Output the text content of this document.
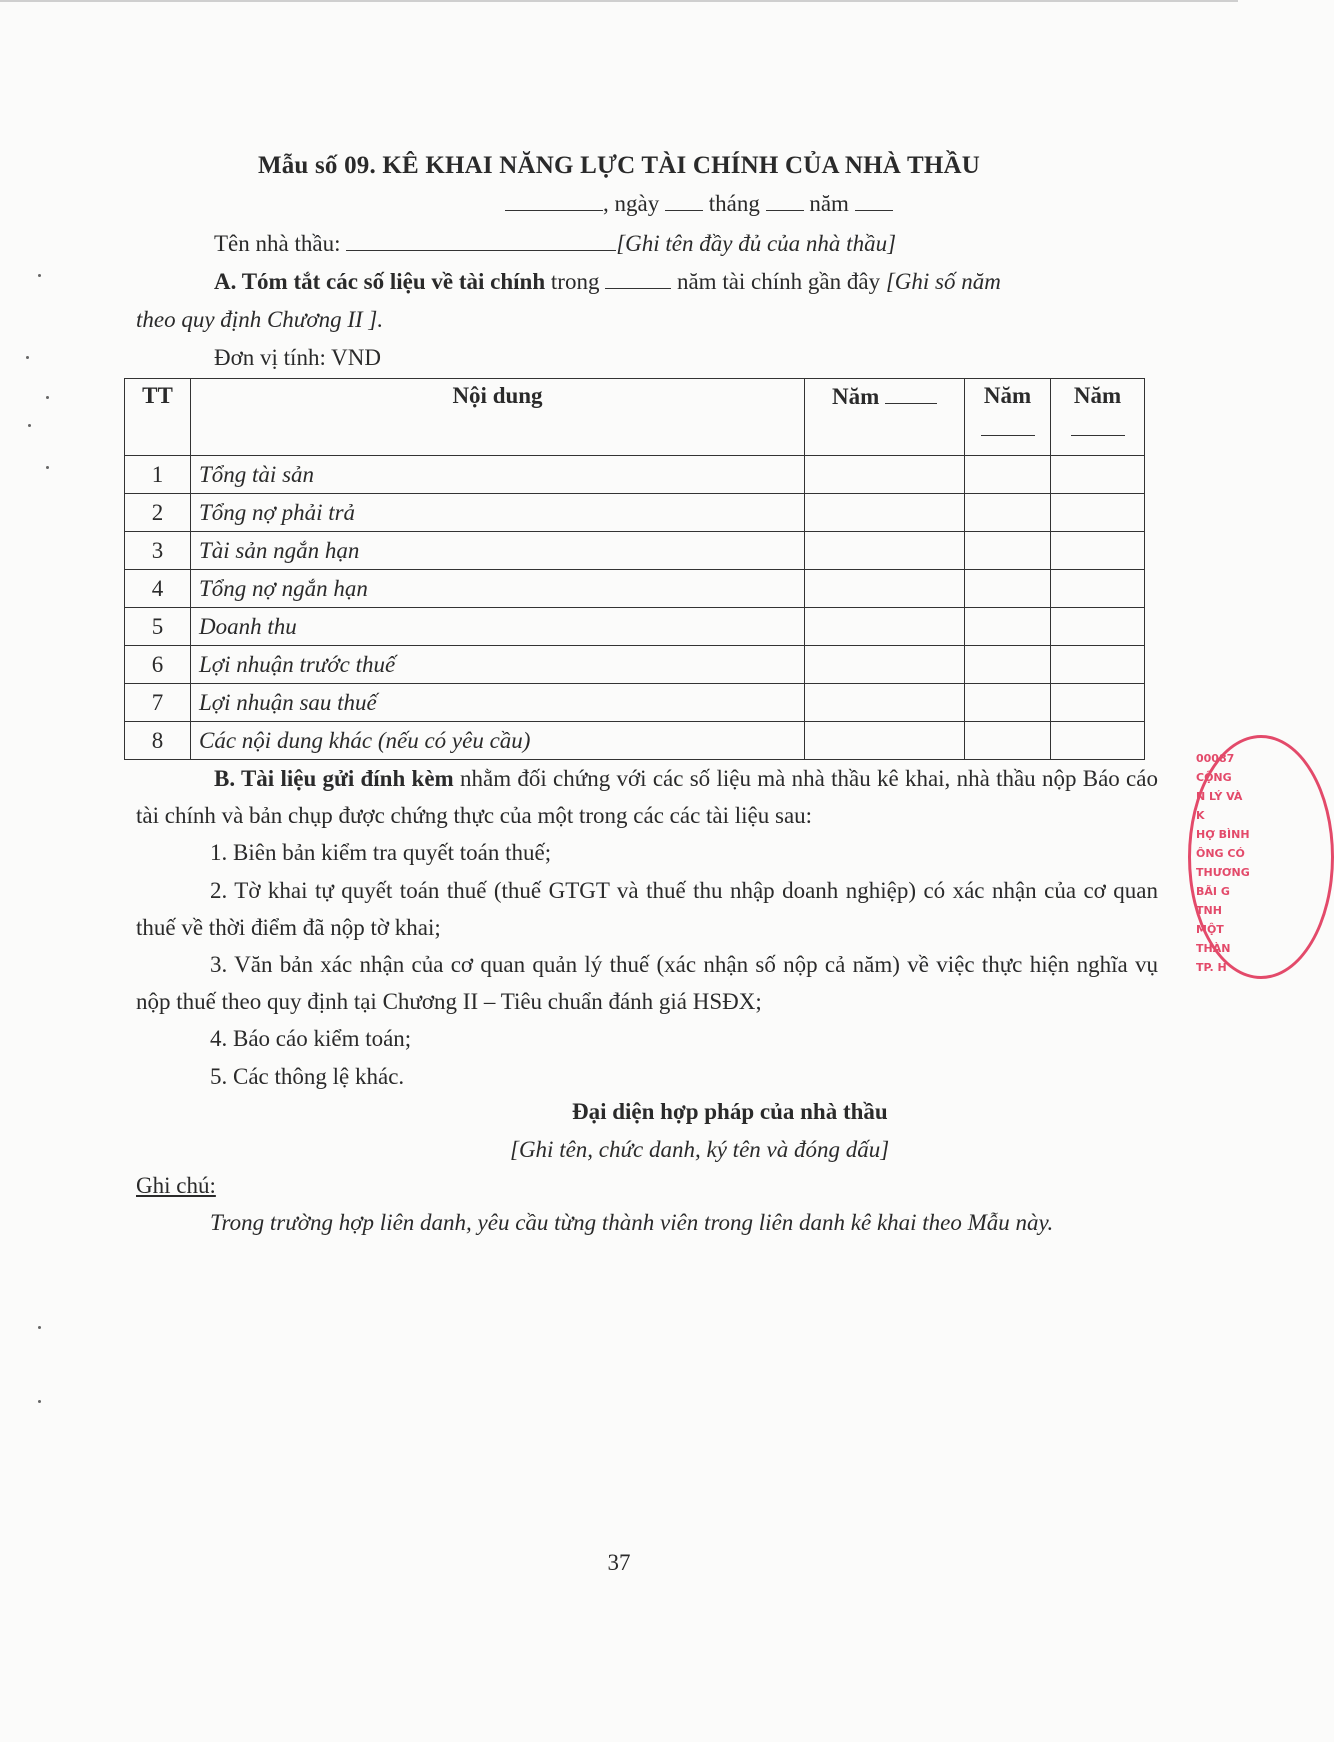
Mẫu số 09. KÊ KHAI NĂNG LỰC TÀI CHÍNH CỦA NHÀ THẦU
, ngày tháng năm
Tên nhà thầu:	[Ghi tên đầy đủ của nhà thầu]
A. Tóm tắt các số liệu về tài chính trong	năm tài chính gần đây [Ghi số năm
theo quy định Chương II ].
Đơn vị tính: VND
TT	Nội dung	Năm	Năm	Năm

1	Tổng tài sản			
2	Tổng nợ phải trả			
3	Tài sản ngắn hạn			
4	Tổng nợ ngắn hạn			
5	Doanh thu			
6	Lợi nhuận trước thuế			
7	Lợi nhuận sau thuế			
8	Các nội dung khác (nếu có yêu cầu)			
B. Tài liệu gửi đính kèm nhằm đối chứng với các số liệu mà nhà thầu kê khai, nhà thầu nộp Báo cáo tài chính và bản chụp được chứng thực của một trong các các tài liệu sau:
1. Biên bản kiểm tra quyết toán thuế;
2. Tờ khai tự quyết toán thuế (thuế GTGT và thuế thu nhập doanh nghiệp) có xác nhận của cơ quan thuế về thời điểm đã nộp tờ khai;
3. Văn bản xác nhận của cơ quan quản lý thuế (xác nhận số nộp cả năm) về việc thực hiện nghĩa vụ nộp thuế theo quy định tại Chương II – Tiêu chuẩn đánh giá HSĐX;
4. Báo cáo kiểm toán;
5. Các thông lệ khác.
Đại diện hợp pháp của nhà thầu
[Ghi tên, chức danh, ký tên và đóng dấu]
Ghi chú:
Trong trường hợp liên danh, yêu cầu từng thành viên trong liên danh kê khai theo Mẫu này.
37
00087
CỘNG
N LÝ VÀ K
HỢ BÌNH
ÔNG CÓ
THƯƠNG
BÃI G
TNH
MỘT THÀN
TP. H
